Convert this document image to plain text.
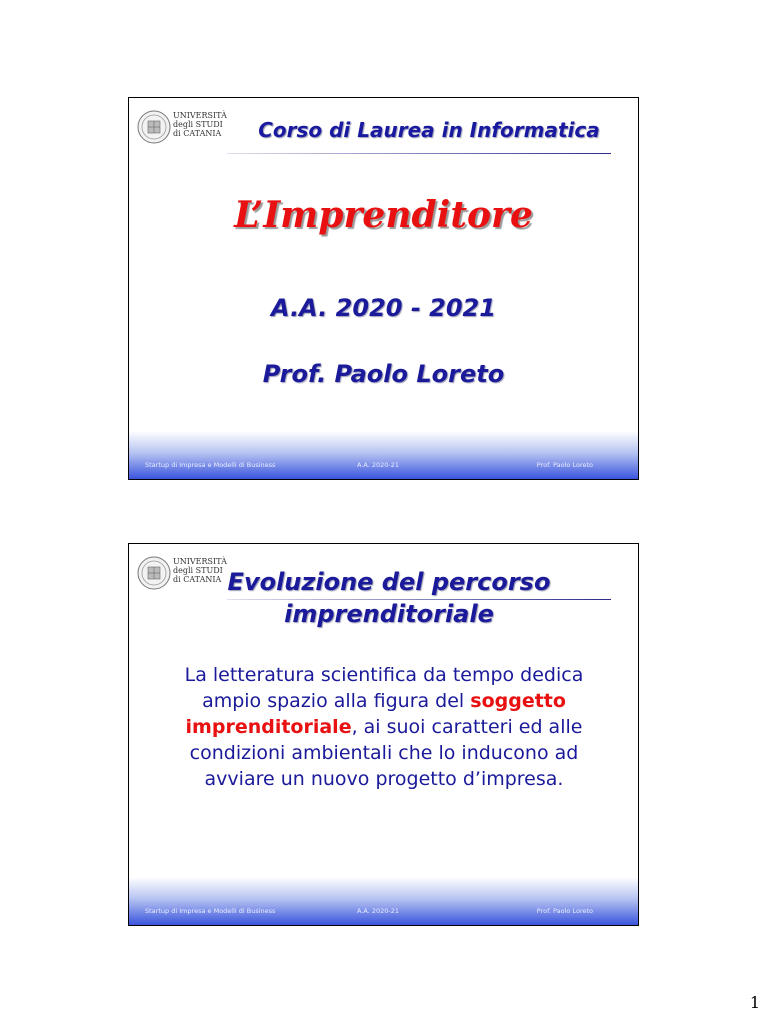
UNIVERSITÀ
degli STUDI
di CATANIA	Corso di Laurea in Informatica
L’Imprenditore
A.A. 2020 - 2021
Prof. Paolo Loreto
Startup di Impresa e Modelli di Business	A.A. 2020-21	Prof. Paolo Loreto
UNIVERSITÀ
degli STUDI
di CATANIA Evoluzione del percorso
imprenditoriale
La letteratura scientifica da tempo dedica ampio spazio alla figura del soggetto imprenditoriale, ai suoi caratteri ed alle condizioni ambientali che lo inducono ad avviare un nuovo progetto d’impresa.
Startup di Impresa e Modelli di Business	A.A. 2020-21	Prof. Paolo Loreto
1
